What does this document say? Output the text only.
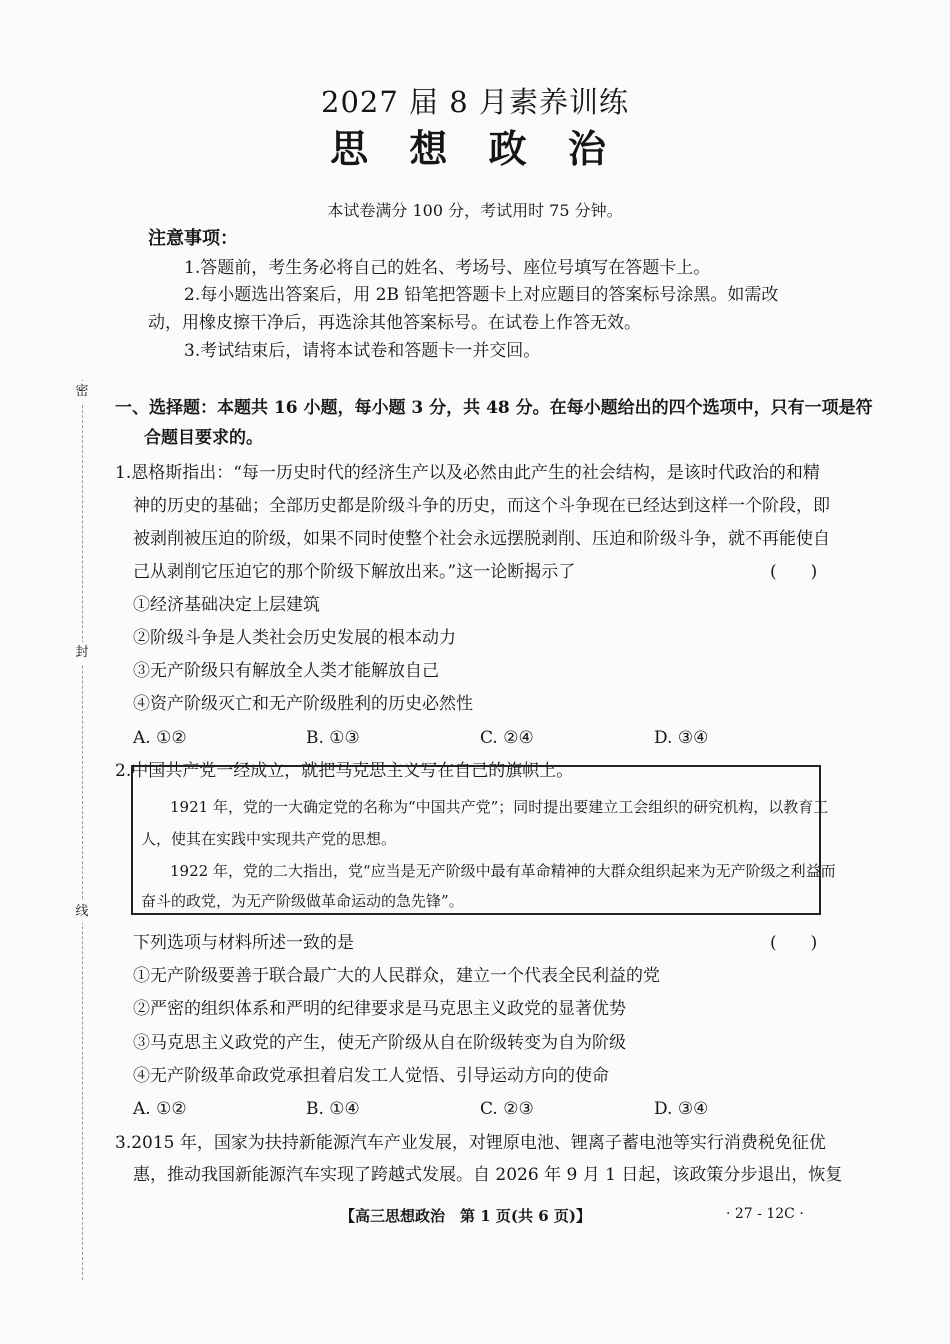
2027 届 8 月素养训练
思 想 政 治
本试卷满分 100 分，考试用时 75 分钟。
注意事项：
1.答题前，考生务必将自己的姓名、考场号、座位号填写在答题卡上。
2.每小题选出答案后，用 2B 铅笔把答题卡上对应题目的答案标号涂黑。如需改
动，用橡皮擦干净后，再选涂其他答案标号。在试卷上作答无效。
3.考试结束后，请将本试卷和答题卡一并交回。
密
封
线
一、选择题：本题共 16 小题，每小题 3 分，共 48 分。在每小题给出的四个选项中，只有一项是符
合题目要求的。
1.恩格斯指出：“每一历史时代的经济生产以及必然由此产生的社会结构，是该时代政治的和精
神的历史的基础；全部历史都是阶级斗争的历史，而这个斗争现在已经达到这样一个阶段，即
被剥削被压迫的阶级，如果不同时使整个社会永远摆脱剥削、压迫和阶级斗争，就不再能使自
己从剥削它压迫它的那个阶级下解放出来。”这一论断揭示了	(　　)
①经济基础决定上层建筑
②阶级斗争是人类社会历史发展的根本动力
③无产阶级只有解放全人类才能解放自己
④资产阶级灭亡和无产阶级胜利的历史必然性
A. ①②	B. ①③	C. ②④	D. ③④
2.中国共产党一经成立，就把马克思主义写在自己的旗帜上。
1921 年，党的一大确定党的名称为“中国共产党”；同时提出要建立工会组织的研究机构，以教育工
人，使其在实践中实现共产党的思想。
1922 年，党的二大指出，党“应当是无产阶级中最有革命精神的大群众组织起来为无产阶级之利益而
奋斗的政党，为无产阶级做革命运动的急先锋”。
下列选项与材料所述一致的是	(　　)
①无产阶级要善于联合最广大的人民群众，建立一个代表全民利益的党
②严密的组织体系和严明的纪律要求是马克思主义政党的显著优势
③马克思主义政党的产生，使无产阶级从自在阶级转变为自为阶级
④无产阶级革命政党承担着启发工人觉悟、引导运动方向的使命
A. ①②	B. ①④	C. ②③	D. ③④
3.2015 年，国家为扶持新能源汽车产业发展，对锂原电池、锂离子蓄电池等实行消费税免征优
惠，推动我国新能源汽车实现了跨越式发展。自 2026 年 9 月 1 日起，该政策分步退出，恢复
【高三思想政治　第 1 页(共 6 页)】	· 27 - 12C ·
